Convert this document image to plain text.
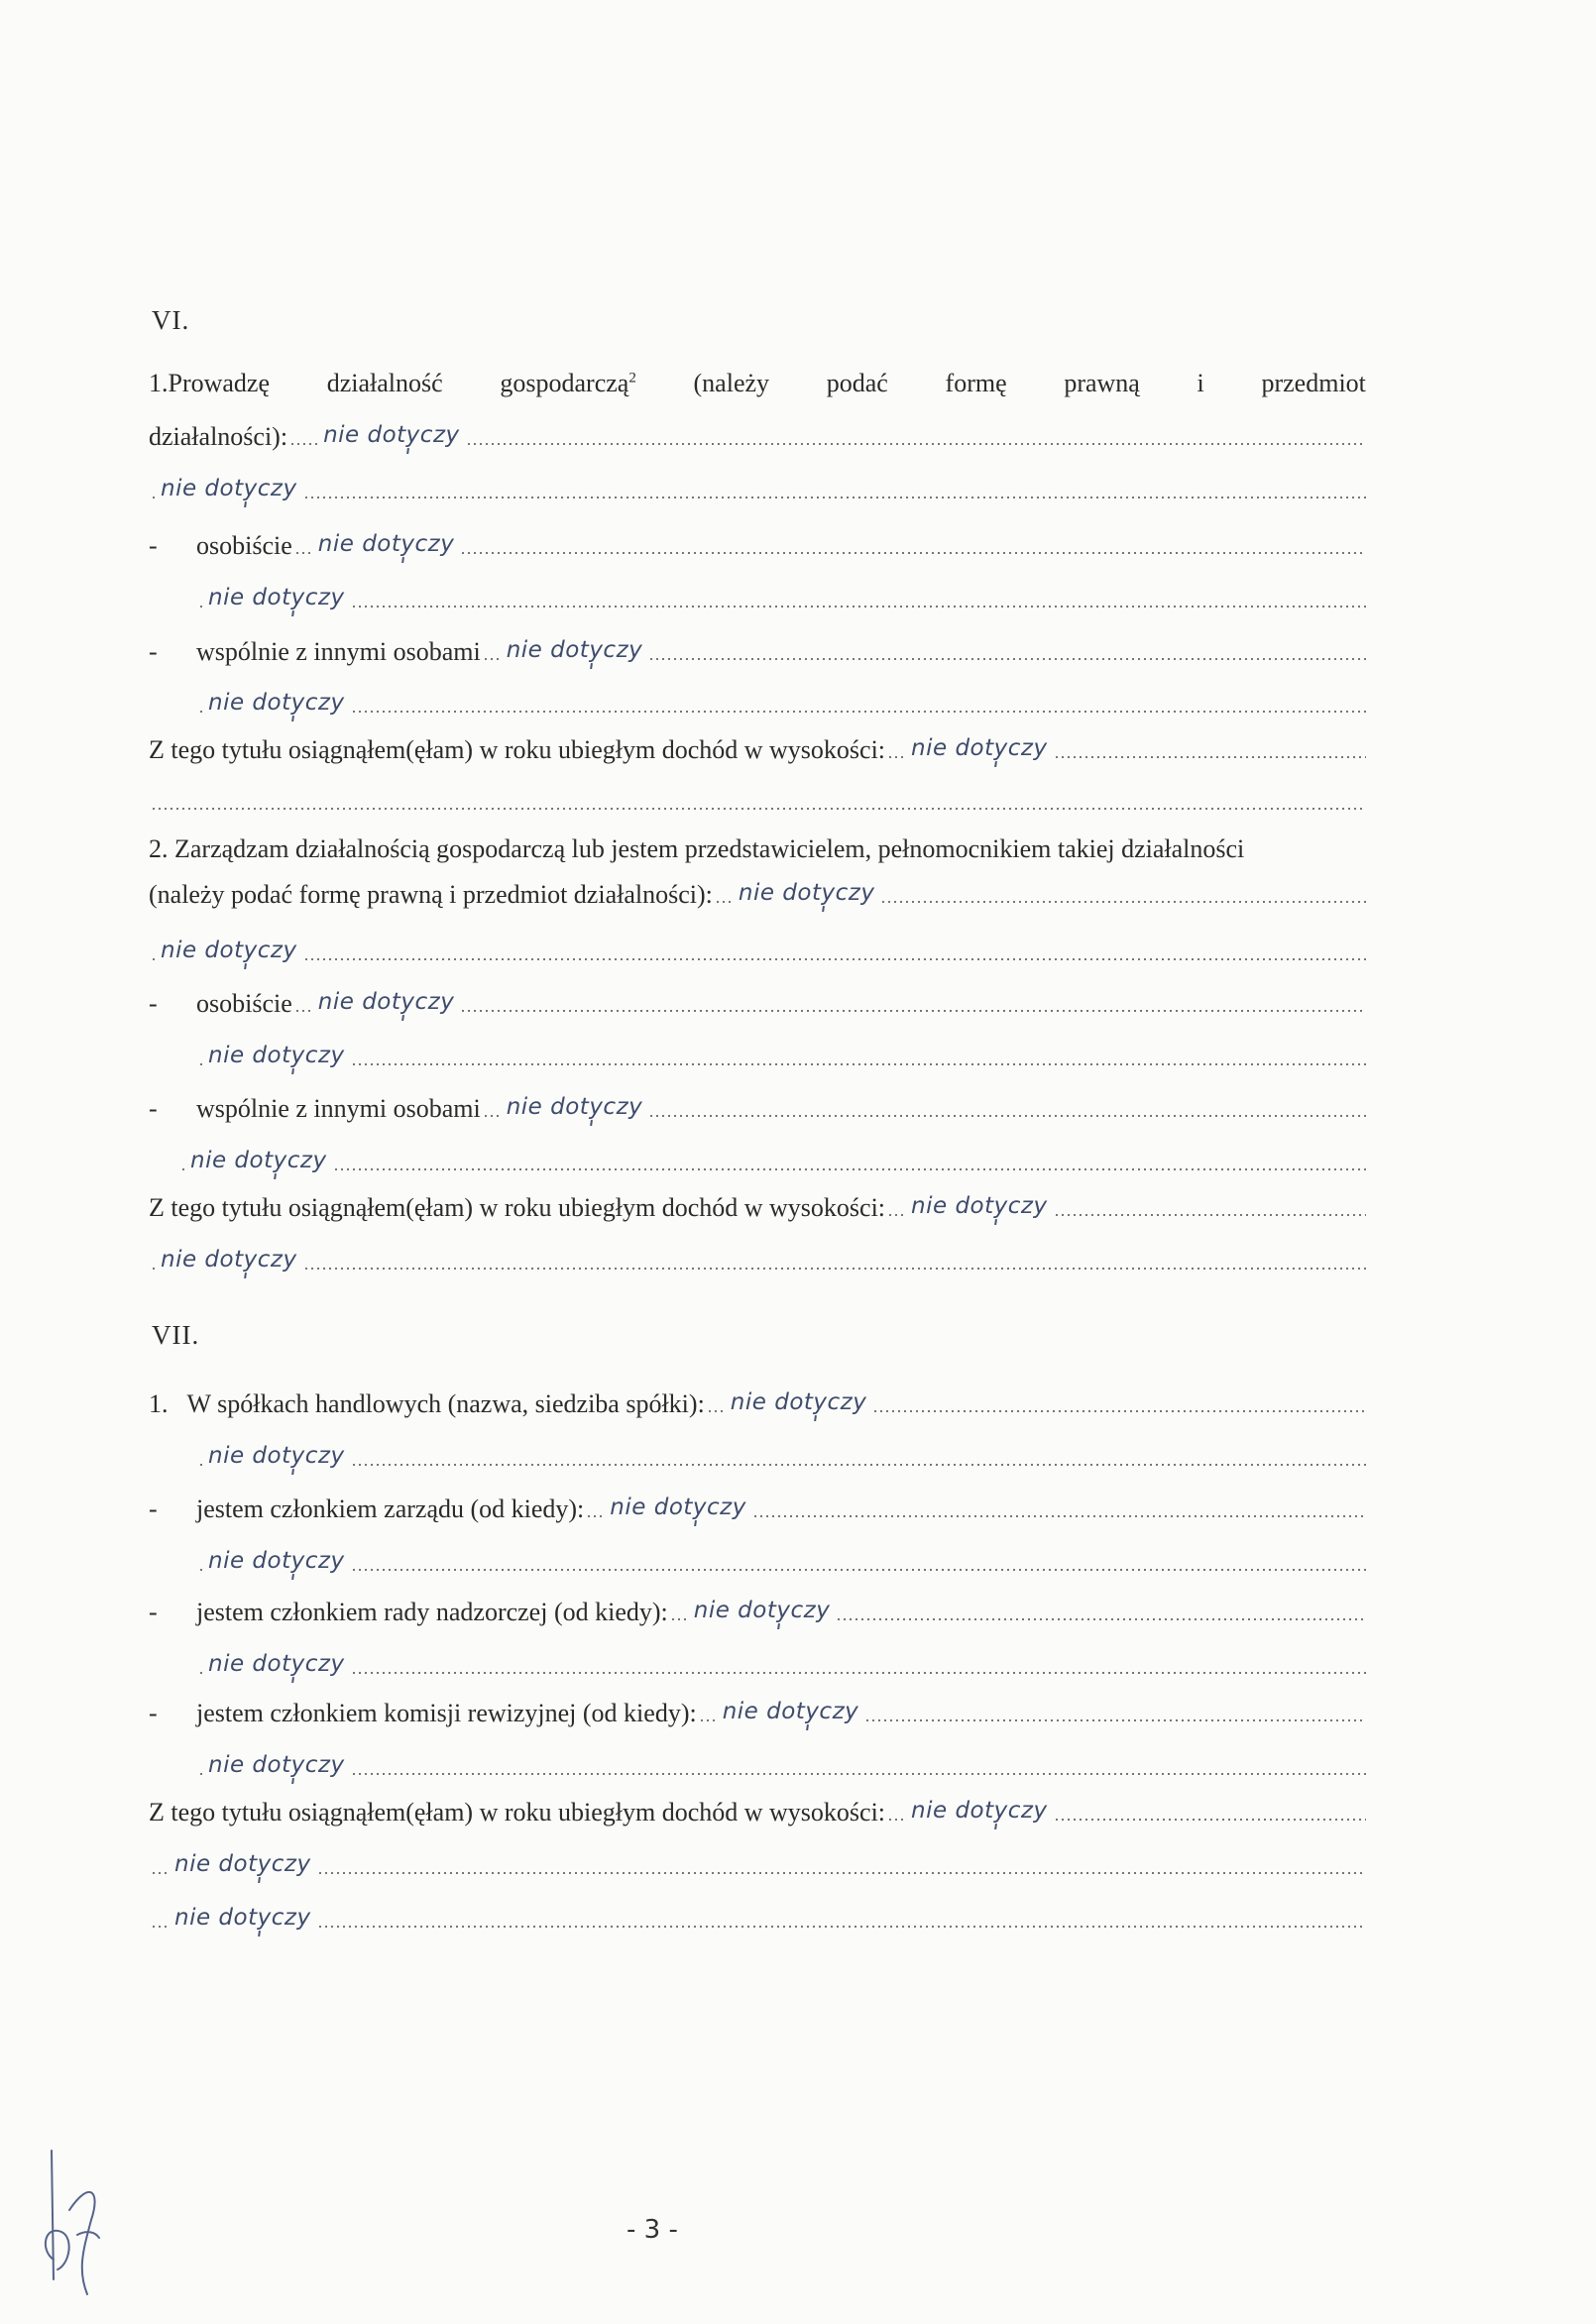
VI.
1.Prowadzę działalność gospodarczą$^2$ (należy podać formę prawną i przedmiot
działalności): nie dotyczy
nie dotyczy
-	osobiście nie dotyczy
nie dotyczy
-	wspólnie z innymi osobami nie dotyczy
nie dotyczy
Z tego tytułu osiągnąłem(ęłam) w roku ubiegłym dochód w wysokości: nie dotyczy
2. Zarządzam działalnością gospodarczą lub jestem przedstawicielem, pełnomocnikiem takiej działalności
(należy podać formę prawną i przedmiot działalności): nie dotyczy
nie dotyczy
-	osobiście nie dotyczy
nie dotyczy
-	wspólnie z innymi osobami nie dotyczy
nie dotyczy
Z tego tytułu osiągnąłem(ęłam) w roku ubiegłym dochód w wysokości: nie dotyczy
nie dotyczy
VII.
1.   W spółkach handlowych (nazwa, siedziba spółki): nie dotyczy
nie dotyczy
-	jestem członkiem zarządu (od kiedy): nie dotyczy
nie dotyczy
-	jestem członkiem rady nadzorczej (od kiedy): nie dotyczy
nie dotyczy
-	jestem członkiem komisji rewizyjnej (od kiedy): nie dotyczy
nie dotyczy
Z tego tytułu osiągnąłem(ęłam) w roku ubiegłym dochód w wysokości: nie dotyczy
nie dotyczy
nie dotyczy
- 3 -
